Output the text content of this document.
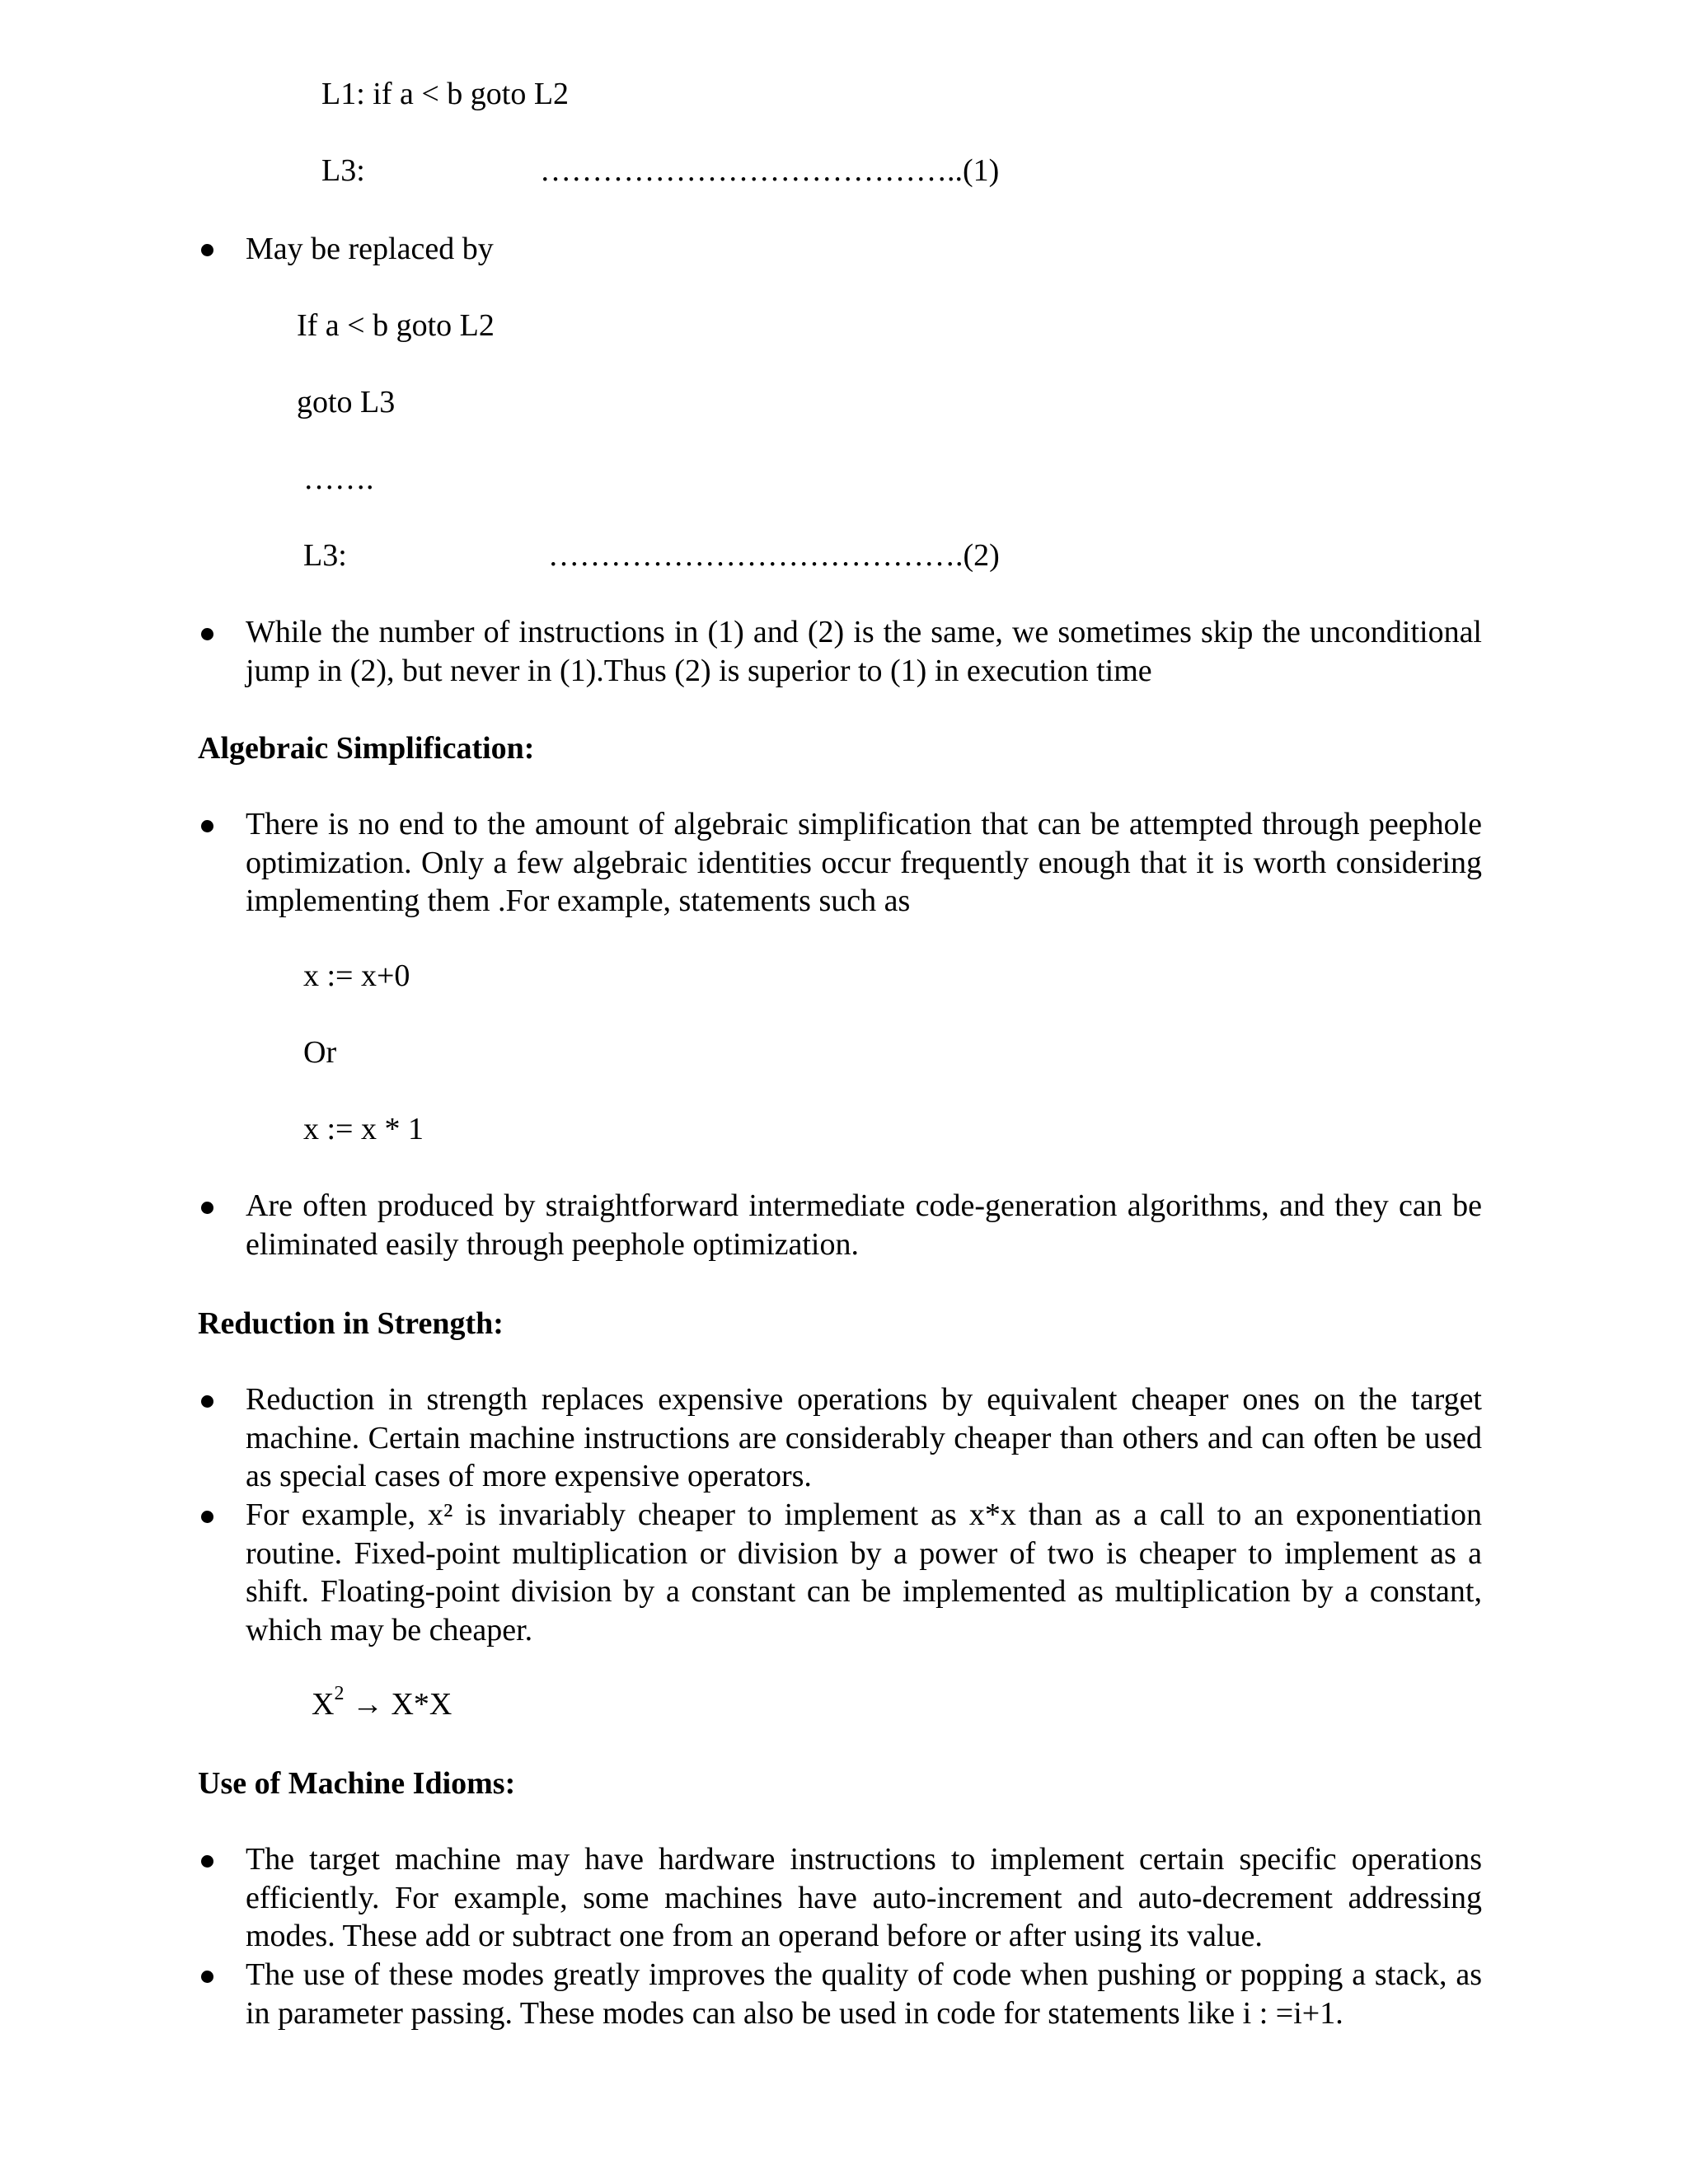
L1: if a < b goto L2
L3:	…………………………………..(1)
May be replaced by
If a < b goto L2
goto L3
…….
L3:	………………………………….(2)
While the number of instructions in (1) and (2) is the same, we sometimes skip the unconditional jump in (2), but never in (1).Thus (2) is superior to (1) in execution time
Algebraic Simplification:
There is no end to the amount of algebraic simplification that can be attempted through peephole optimization. Only a few algebraic identities occur frequently enough that it is worth considering implementing them .For example, statements such as
x := x+0
Or
x := x * 1
Are often produced by straightforward intermediate code-generation algorithms, and they can be eliminated easily through peephole optimization.
Reduction in Strength:
Reduction in strength replaces expensive operations by equivalent cheaper ones on the target machine. Certain machine instructions are considerably cheaper than others and can often be used as special cases of more expensive operators.
For example, x² is invariably cheaper to implement as x*x than as a call to an exponentiation routine. Fixed-point multiplication or division by a power of two is cheaper to implement as a shift. Floating-point division by a constant can be implemented as multiplication by a constant, which may be cheaper.
$X^2 \to X*X$
Use of Machine Idioms:
The target machine may have hardware instructions to implement certain specific operations efficiently. For example, some machines have auto-increment and auto-decrement addressing modes. These add or subtract one from an operand before or after using its value.
The use of these modes greatly improves the quality of code when pushing or popping a stack, as in parameter passing. These modes can also be used in code for statements like i : =i+1.
